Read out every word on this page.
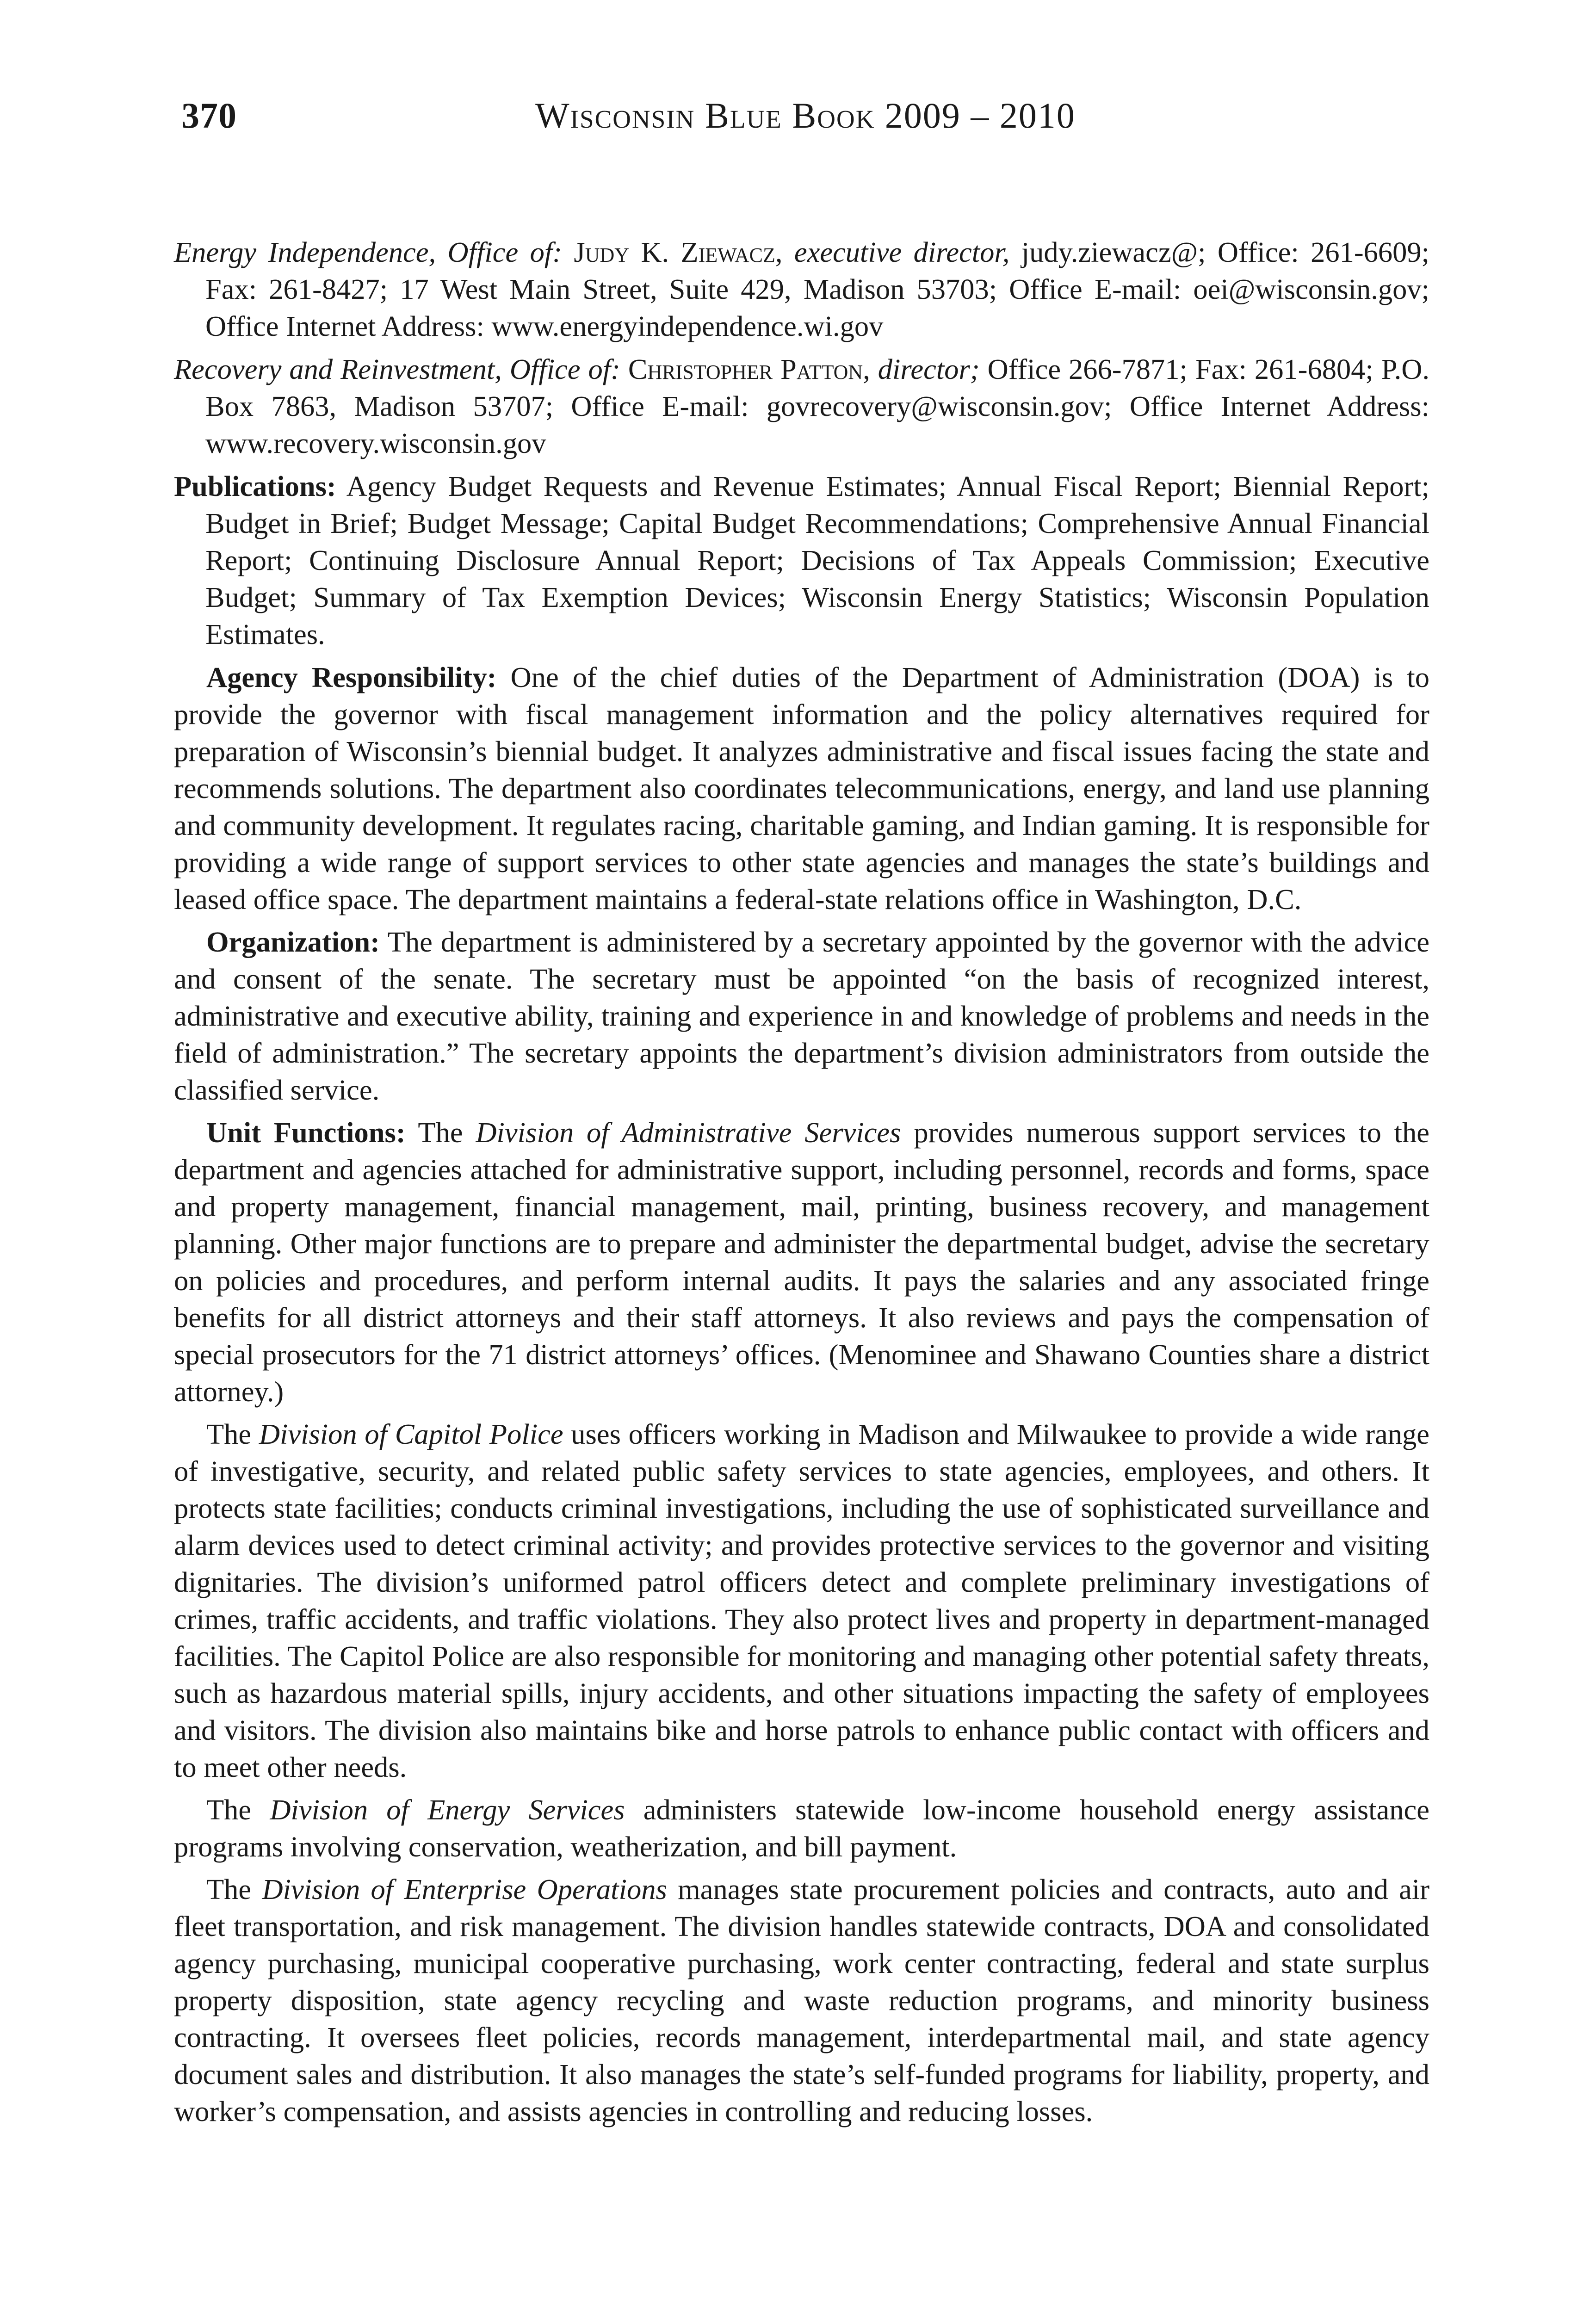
370	Wisconsin Blue Book 2009 – 2010

Energy Independence, Office of: Judy K. Ziewacz, executive director, judy.ziewacz@; Office: 261-6609; Fax: 261-8427; 17 West Main Street, Suite 429, Madison 53703; Office E-mail: oei@wisconsin.gov; Office Internet Address: www.energyindependence.wi.gov

Recovery and Reinvestment, Office of: Christopher Patton, director; Office 266-7871; Fax: 261-6804; P.O. Box 7863, Madison 53707; Office E-mail: govrecovery@wisconsin.gov; Office Internet Address: www.recovery.wisconsin.gov

Publications: Agency Budget Requests and Revenue Estimates; Annual Fiscal Report; Biennial Report; Budget in Brief; Budget Message; Capital Budget Recommendations; Comprehensive Annual Financial Report; Continuing Disclosure Annual Report; Decisions of Tax Appeals Commission; Executive Budget; Summary of Tax Exemption Devices; Wisconsin Energy Statistics; Wisconsin Population Estimates.

Agency Responsibility: One of the chief duties of the Department of Administration (DOA) is to provide the governor with fiscal management information and the policy alternatives required for preparation of Wisconsin’s biennial budget. It analyzes administrative and fiscal issues facing the state and recommends solutions. The department also coordinates telecommunications, energy, and land use planning and community development. It regulates racing, charitable gaming, and Indian gaming. It is responsible for providing a wide range of support services to other state agencies and manages the state’s buildings and leased office space. The department maintains a federal-state relations office in Washington, D.C.

Organization: The department is administered by a secretary appointed by the governor with the advice and consent of the senate. The secretary must be appointed “on the basis of recognized interest, administrative and executive ability, training and experience in and knowledge of problems and needs in the field of administration.” The secretary appoints the department’s division administrators from outside the classified service.

Unit Functions: The Division of Administrative Services provides numerous support services to the department and agencies attached for administrative support, including personnel, records and forms, space and property management, financial management, mail, printing, business recovery, and management planning. Other major functions are to prepare and administer the departmental budget, advise the secretary on policies and procedures, and perform internal audits. It pays the salaries and any associated fringe benefits for all district attorneys and their staff attorneys. It also reviews and pays the compensation of special prosecutors for the 71 district attorneys’ offices. (Menominee and Shawano Counties share a district attorney.)

The Division of Capitol Police uses officers working in Madison and Milwaukee to provide a wide range of investigative, security, and related public safety services to state agencies, employees, and others. It protects state facilities; conducts criminal investigations, including the use of sophisticated surveillance and alarm devices used to detect criminal activity; and provides protective services to the governor and visiting dignitaries. The division’s uniformed patrol officers detect and complete preliminary investigations of crimes, traffic accidents, and traffic violations. They also protect lives and property in department-managed facilities. The Capitol Police are also responsible for monitoring and managing other potential safety threats, such as hazardous material spills, injury accidents, and other situations impacting the safety of employees and visitors. The division also maintains bike and horse patrols to enhance public contact with officers and to meet other needs.

The Division of Energy Services administers statewide low-income household energy assistance programs involving conservation, weatherization, and bill payment.

The Division of Enterprise Operations manages state procurement policies and contracts, auto and air fleet transportation, and risk management. The division handles statewide contracts, DOA and consolidated agency purchasing, municipal cooperative purchasing, work center contracting, federal and state surplus property disposition, state agency recycling and waste reduction programs, and minority business contracting. It oversees fleet policies, records management, interdepartmental mail, and state agency document sales and distribution. It also manages the state’s self-funded programs for liability, property, and worker’s compensation, and assists agencies in controlling and reducing losses.
